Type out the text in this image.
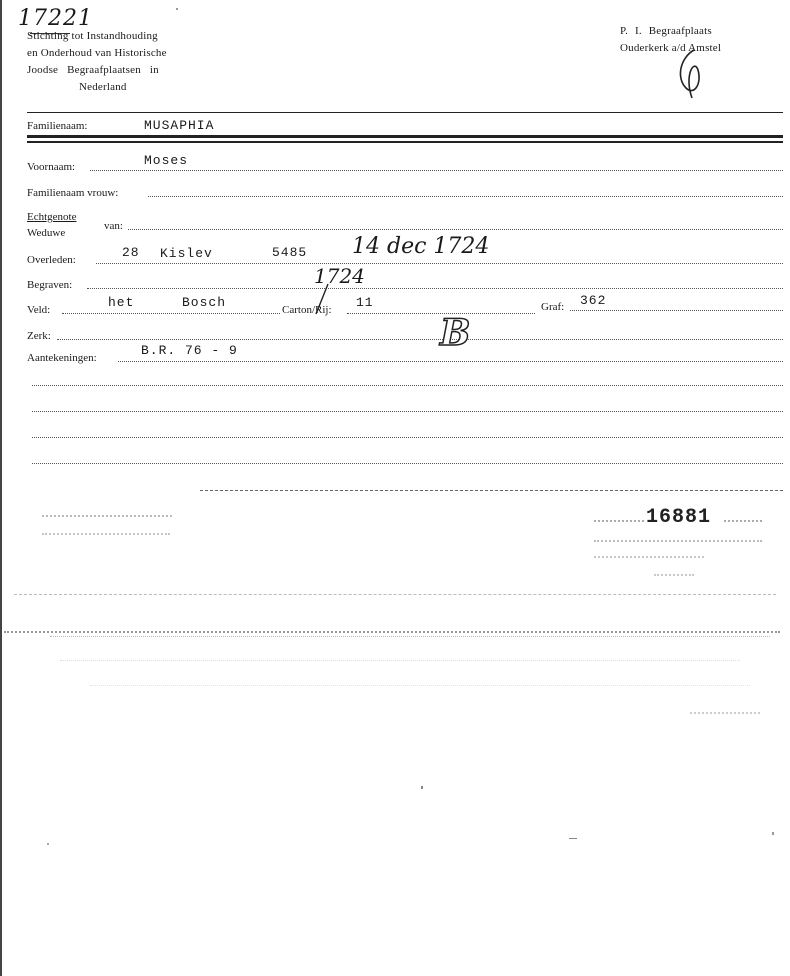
17221
Stichting tot Instandhouding
en Onderhoud van Historische
Joodse Begraafplaatsen in
Nederland
P. I. Begraafplaats
Ouderkerk a/d Amstel
Familienaam:	MUSAPHIA
Voornaam:	Moses
Familienaam vrouw:
Echtgenote
Weduwe
van:
Overleden:	28 Kislev	5485 14 dec 1724
Begraven:	1724
Veld:	het	Bosch	Carton/Rij: 11	Graf: 362
Zerk:	B
Aantekeningen:	B.R. 76 - 9
16881
